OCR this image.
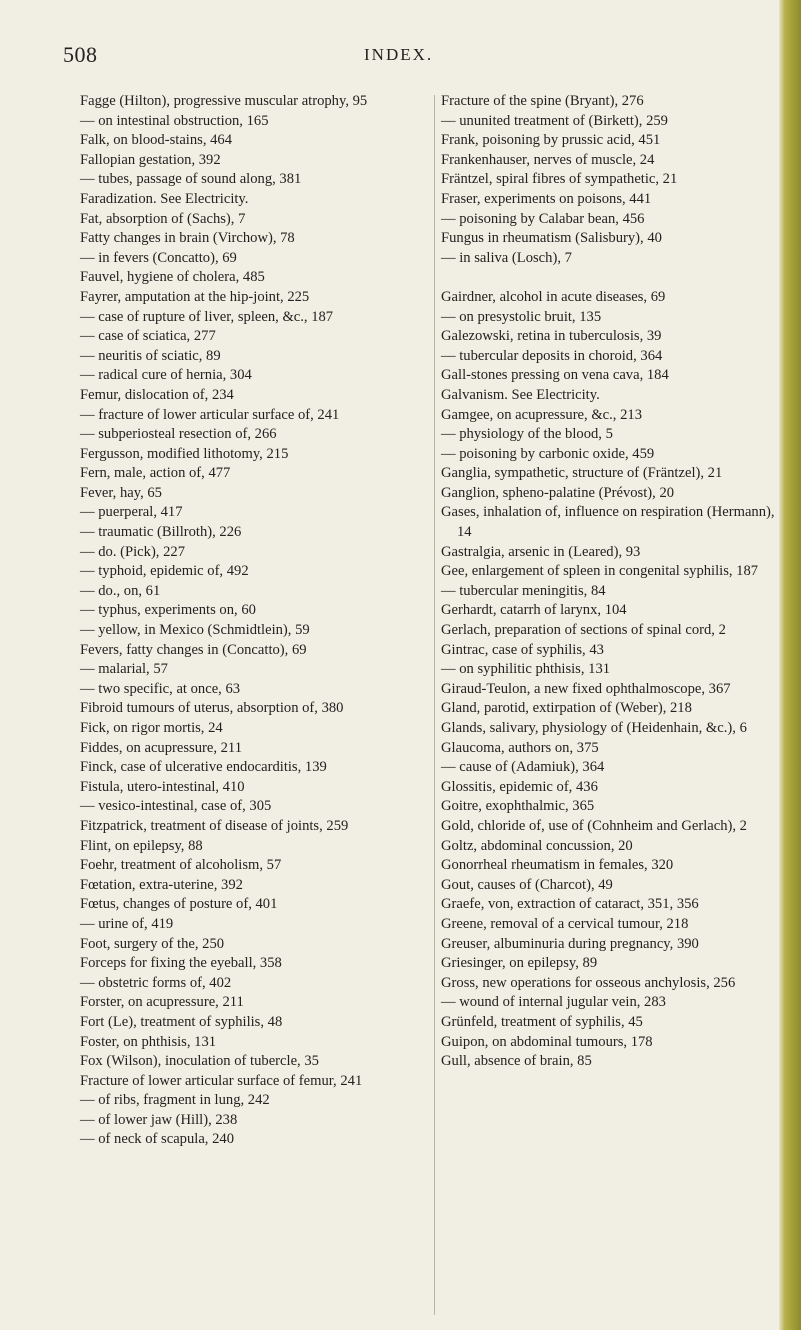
508	INDEX.
Fagge (Hilton), progressive muscular atrophy, 95
— on intestinal obstruction, 165
Falk, on blood-stains, 464
Fallopian gestation, 392
— tubes, passage of sound along, 381
Faradization. See Electricity.
Fat, absorption of (Sachs), 7
Fatty changes in brain (Virchow), 78
— in fevers (Concatto), 69
Fauvel, hygiene of cholera, 485
Fayrer, amputation at the hip-joint, 225
— case of rupture of liver, spleen, &c., 187
— case of sciatica, 277
— neuritis of sciatic, 89
— radical cure of hernia, 304
Femur, dislocation of, 234
— fracture of lower articular surface of, 241
— subperiosteal resection of, 266
Fergusson, modified lithotomy, 215
Fern, male, action of, 477
Fever, hay, 65
— puerperal, 417
— traumatic (Billroth), 226
— do. (Pick), 227
— typhoid, epidemic of, 492
— do., on, 61
— typhus, experiments on, 60
— yellow, in Mexico (Schmidtlein), 59
Fevers, fatty changes in (Concatto), 69
— malarial, 57
— two specific, at once, 63
Fibroid tumours of uterus, absorption of, 380
Fick, on rigor mortis, 24
Fiddes, on acupressure, 211
Finck, case of ulcerative endocarditis, 139
Fistula, utero-intestinal, 410
— vesico-intestinal, case of, 305
Fitzpatrick, treatment of disease of joints, 259
Flint, on epilepsy, 88
Foehr, treatment of alcoholism, 57
Fœtation, extra-uterine, 392
Fœtus, changes of posture of, 401
— urine of, 419
Foot, surgery of the, 250
Forceps for fixing the eyeball, 358
— obstetric forms of, 402
Forster, on acupressure, 211
Fort (Le), treatment of syphilis, 48
Foster, on phthisis, 131
Fox (Wilson), inoculation of tubercle, 35
Fracture of lower articular surface of femur, 241
— of ribs, fragment in lung, 242
— of lower jaw (Hill), 238
— of neck of scapula, 240
Fracture of the spine (Bryant), 276
— ununited treatment of (Birkett), 259
Frank, poisoning by prussic acid, 451
Frankenhauser, nerves of muscle, 24
Fräntzel, spiral fibres of sympathetic, 21
Fraser, experiments on poisons, 441
— poisoning by Calabar bean, 456
Fungus in rheumatism (Salisbury), 40
— in saliva (Losch), 7
Gairdner, alcohol in acute diseases, 69
— on presystolic bruit, 135
Galezowski, retina in tuberculosis, 39
— tubercular deposits in choroid, 364
Gall-stones pressing on vena cava, 184
Galvanism. See Electricity.
Gamgee, on acupressure, &c., 213
— physiology of the blood, 5
— poisoning by carbonic oxide, 459
Ganglia, sympathetic, structure of (Fräntzel), 21
Ganglion, spheno-palatine (Prévost), 20
Gases, inhalation of, influence on respiration (Hermann), 14
Gastralgia, arsenic in (Leared), 93
Gee, enlargement of spleen in congenital syphilis, 187
— tubercular meningitis, 84
Gerhardt, catarrh of larynx, 104
Gerlach, preparation of sections of spinal cord, 2
Gintrac, case of syphilis, 43
— on syphilitic phthisis, 131
Giraud-Teulon, a new fixed ophthalmoscope, 367
Gland, parotid, extirpation of (Weber), 218
Glands, salivary, physiology of (Heidenhain, &c.), 6
Glaucoma, authors on, 375
— cause of (Adamiuk), 364
Glossitis, epidemic of, 436
Goitre, exophthalmic, 365
Gold, chloride of, use of (Cohnheim and Gerlach), 2
Goltz, abdominal concussion, 20
Gonorrheal rheumatism in females, 320
Gout, causes of (Charcot), 49
Graefe, von, extraction of cataract, 351, 356
Greene, removal of a cervical tumour, 218
Greuser, albuminuria during pregnancy, 390
Griesinger, on epilepsy, 89
Gross, new operations for osseous anchylosis, 256
— wound of internal jugular vein, 283
Grünfeld, treatment of syphilis, 45
Guipon, on abdominal tumours, 178
Gull, absence of brain, 85
